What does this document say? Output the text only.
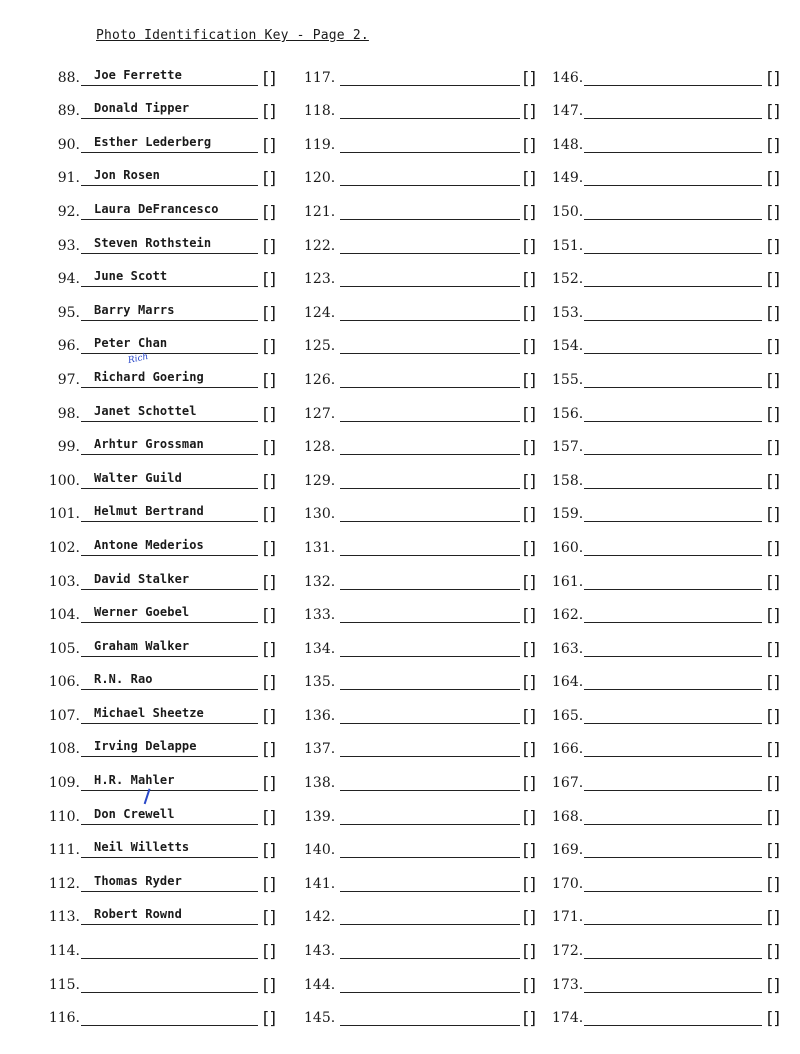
Photo Identification Key - Page 2.
88. Joe Ferrette	[]
89. Donald Tipper	[]
90. Esther Lederberg	[]
91. Jon Rosen	[]
92. Laura DeFrancesco	[]
93. Steven Rothstein	[]
94. June Scott	[]
95. Barry Marrs	[]
96. Peter Chan	[]
97. Richard Goering	[]
98. Janet Schottel	[]
99. Arhtur Grossman	[]
100. Walter Guild	[]
101. Helmut Bertrand	[]
102. Antone Mederios	[]
103. David Stalker	[]
104. Werner Goebel	[]
105. Graham Walker	[]
106. R.N. Rao	[]
107. Michael Sheetze	[]
108. Irving Delappe	[]
109. H.R. Mahler	[]
110. Don Crewell	[]
111. Neil Willetts	[]
112. Thomas Ryder	[]
113. Robert Rownd	[]
114.	[]
115.	[]
116.	[]
117.	[]
118.	[]
119.	[]
120.	[]
121.	[]
122.	[]
123.	[]
124.	[]
125.	[]
126.	[]
127.	[]
128.	[]
129.	[]
130.	[]
131.	[]
132.	[]
133.	[]
134.	[]
135.	[]
136.	[]
137.	[]
138.	[]
139.	[]
140.	[]
141.	[]
142.	[]
143.	[]
144.	[]
145.	[]
146.	[]
147.	[]
148.	[]
149.	[]
150.	[]
151.	[]
152.	[]
153.	[]
154.	[]
155.	[]
156.	[]
157.	[]
158.	[]
159.	[]
160.	[]
161.	[]
162.	[]
163.	[]
164.	[]
165.	[]
166.	[]
167.	[]
168.	[]
169.	[]
170.	[]
171.	[]
172.	[]
173.	[]
174.	[]
Rich
